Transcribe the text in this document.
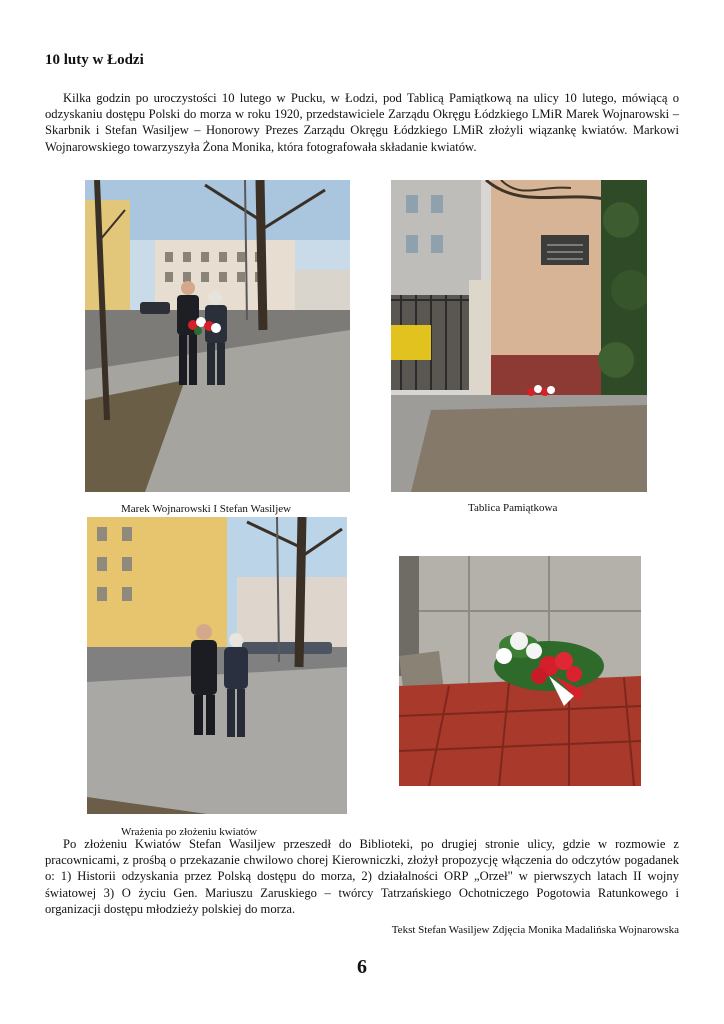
10 luty w Łodzi

Kilka godzin po uroczystości 10 lutego w Pucku, w Łodzi, pod Tablicą Pamiątkową na ulicy 10 lutego, mówiącą o odzyskaniu dostępu Polski do morza w roku 1920, przedstawiciele Zarządu Okręgu Łódzkiego LMiR Marek Wojnarowski – Skarbnik i Stefan Wasiljew – Honorowy Prezes Zarządu Okręgu Łódzkiego LMiR złożyli wiązankę kwiatów. Markowi Wojnarowskiego towarzyszyła Żona Monika, która fotografowała składanie kwiatów.

Marek Wojnarowski I Stefan Wasiljew	Tablica Pamiątkowa
Wrażenia po złożeniu kwiatów

Po złożeniu Kwiatów Stefan Wasiljew przeszedł do Biblioteki, po drugiej stronie ulicy, gdzie w rozmowie z pracownicami, z prośbą o przekazanie chwilowo chorej Kierowniczki, złożył propozycję włączenia do odczytów pogadanek o: 1) Historii odzyskania przez Polską dostępu do morza, 2) działalności ORP „Orzeł" w pierwszych latach II wojny światowej 3) O życiu Gen. Mariuszu Zaruskiego – twórcy Tatrzańskiego Ochotniczego Pogotowia Ratunkowego i organizacji dostępu młodzieży polskiej do morza.

Tekst Stefan Wasiljew Zdjęcia Monika Madalińska Wojnarowska
6
